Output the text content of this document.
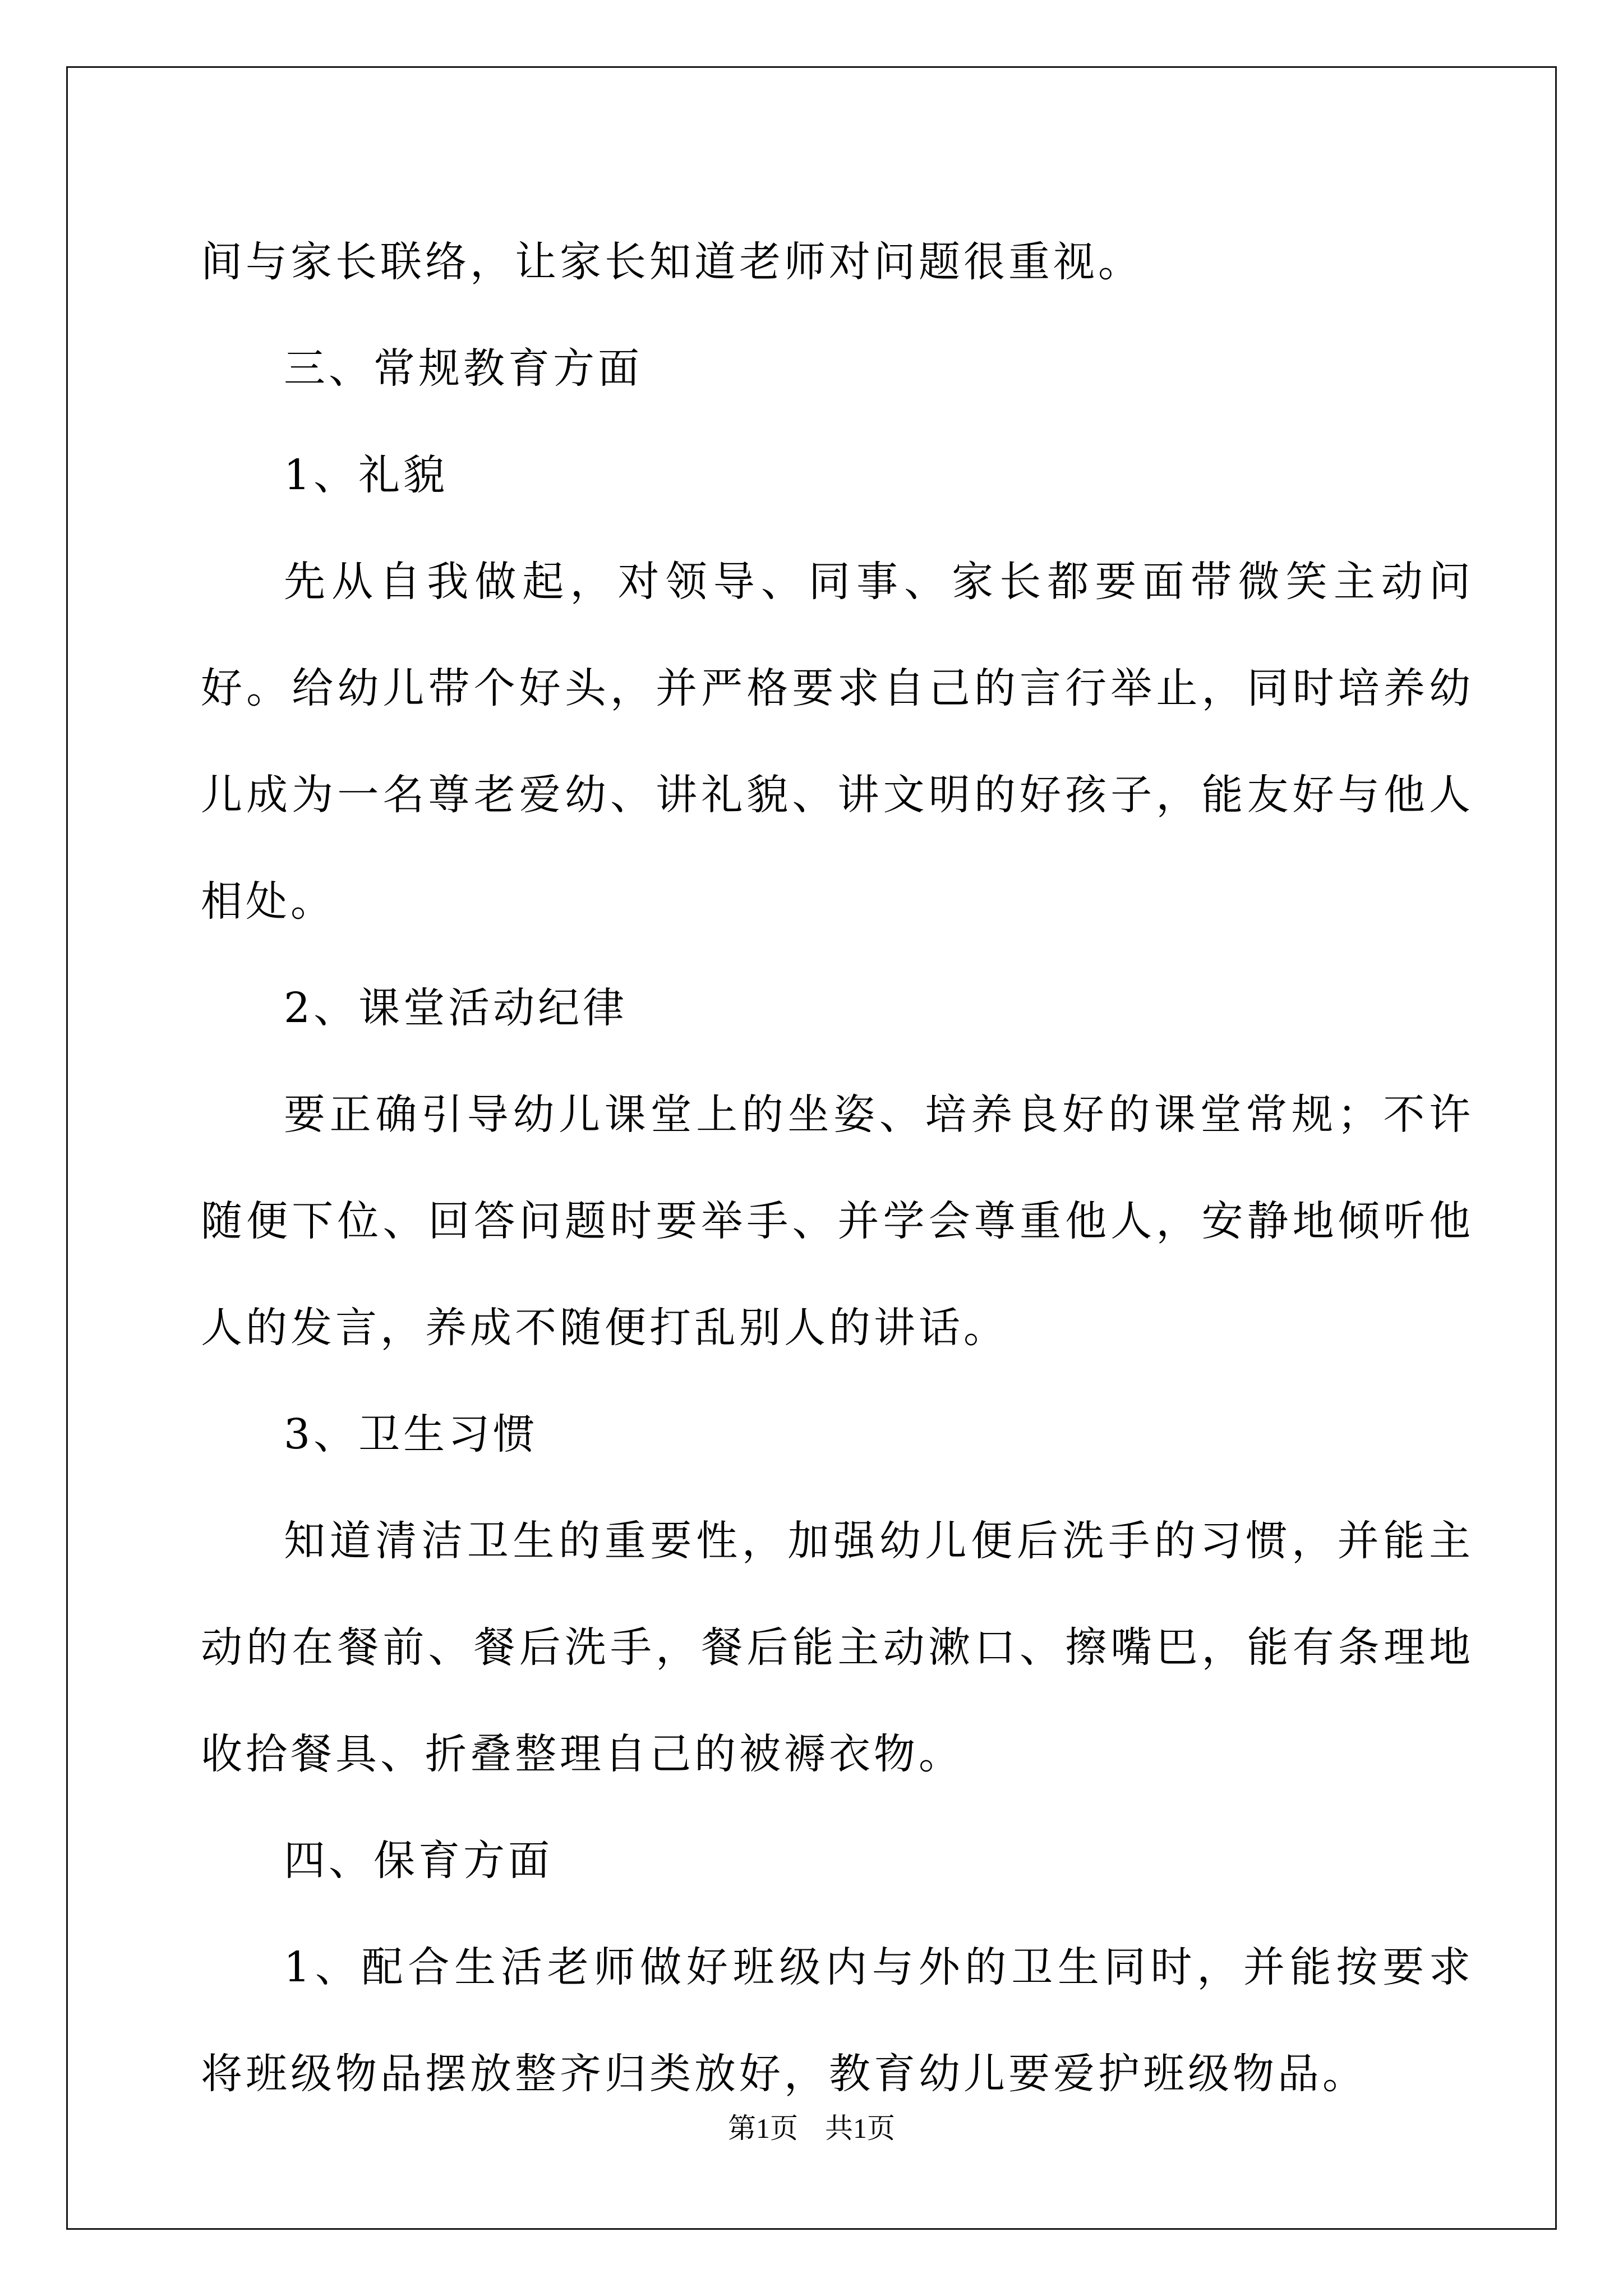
间与家长联络，让家长知道老师对问题很重视。

三、常规教育方面

1、礼貌

先从自我做起，对领导、同事、家长都要面带微笑主动问好。给幼儿带个好头，并严格要求自己的言行举止，同时培养幼儿成为一名尊老爱幼、讲礼貌、讲文明的好孩子，能友好与他人相处。

2、课堂活动纪律

要正确引导幼儿课堂上的坐姿、培养良好的课堂常规；不许随便下位、回答问题时要举手、并学会尊重他人，安静地倾听他人的发言，养成不随便打乱别人的讲话。

3、卫生习惯

知道清洁卫生的重要性，加强幼儿便后洗手的习惯，并能主动的在餐前、餐后洗手，餐后能主动漱口、擦嘴巴，能有条理地收拾餐具、折叠整理自己的被褥衣物。

四、保育方面

1、配合生活老师做好班级内与外的卫生同时，并能按要求将班级物品摆放整齐归类放好，教育幼儿要爱护班级物品。

第1页 共1页
